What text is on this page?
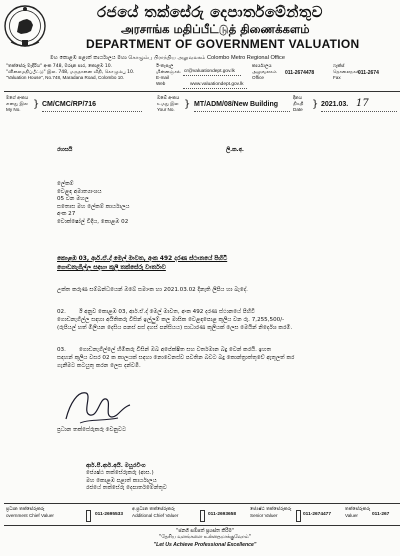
රජයේ තක්සේරු දෙපාර්තමේන්තුව
அரசாங்க மதிப்பீட்டுத் திணைக்களம்
DEPARTMENT OF GOVERNMENT VALUATION
මහ කොළඹ පළාත් කාර්යාලය මහා கொழும்பு பிராந்திய அலுவலகம் Colombo Metro Regional Office
"තක්සේරු මැදිරිය" අංක 748, මරදාන පාර, කොළඹ 10.
"விலைமதிப்பீட்டு" இல. 748, மருதானை வீதி, கொழும்பு 10.
"Valuation House", No.748, Maradana Road, Colombo 10.
ඊ-තැපැල
மின்னஞ்சல்
E-mail
Web
cr@valuationdept.gov.lk
www.valuationdept.gov.lk
කාර්යාලය
அலுவலகம்
Office
011-2674478
ෆැක්ස්
தொலைநகல்
Fax
011-2674
මගේ අංකය
எனது இல
My No.	} CM/CMC/RP/716
ඔබේ අංකය
உமது இல
Your No. } MT/ADM/08/New Building
දිනය
திகதி
Date } 2021.03. 17
රහසයි	ලි.ක.අ.
ලේකම්
වෙළඳ අමාත්‍යාංශය
05 වන මහල
සතොස මහ ලේකම් කාර්යාලය
අංක 27
වොක්ෂෝල් වීදිය, කොළඹ 02
කොළඹ 03, ආර්.ඒ.ද් මෙල් මාවත, අංක 492 දරණ ස්ථානයේ පිහිටි
ගොඩනැගිල්ල සඳහා කුලී තක්සේරු වාර්තාව
උක්ත කරුණ සම්බන්ධයෙන් ඔබේ සමාංක හා 2021.03.02 දිනැති ලිපිය හා බැදේ.
02. ඊ අනුව කොළඹ 03, ආර්.ඒ.ද් මෙල් මාවත, අංක 492 දරණ ස්ථානයේ පිහිටි
ගොඩනැගිල්ල සඳහා අයිතිකරු විසින් ඉල්ලුම් කල මාසික වෙළඳපොළ කුලිය වන රු. 7,255,500/-
(රුපියල් හත් මිලියන දෙසිය පනස් පස් දහස් පන්සියය) සාධාරණ කුලියක් ලෙස මෙයින් නිර්දේශ කරමි.
03. ගොඩනැගිල්ලේ හිමිකරු විසින් ඔබ අපේක්ෂිත සහ වර්තමාන බදු වෙන් කරයි. ඉහත
සඳහන් කුලිය වසර 02 ක කාලයක් සඳහා නොවෙනස්ව පවතින බවට බදු කොන්ත්‍රාත්තුවේ ඇතුලත් කර
ගැනීමට කටයුතු කරන ලෙස දන්වමි.
ප්‍රධාන තක්සේරුකරු වෙනුවට
ආර්.පී.ආර්.අයි. මයූරවිංග
ජ්‍යෙෂ්ඨ තක්සේරුකරු (ආස.)
මහ කොළඹ පළාත් කාර්යාලය
රජයේ තක්සේරු දෙපාර්තමේන්තුව
ප්‍රධාන තක්සේරුකරු
overnment Chief Valuer	011-2695533
අ.ප්‍රධාන තක්සේරුකරු
Additional Chief Valuer	011-2693658
ජ්‍යෙෂ්ඨ තක්සේරුකරු
Senior Valuer	011-2674477
තක්සේරුකරු
Valuer	011-267
"ජනගී සම්පත් ප්‍රශස්ත කිරීම"
"தேசிய வளங்களை உன்னதமாக்குவோம்"
"Let Us Achieve Professional Excellence"
